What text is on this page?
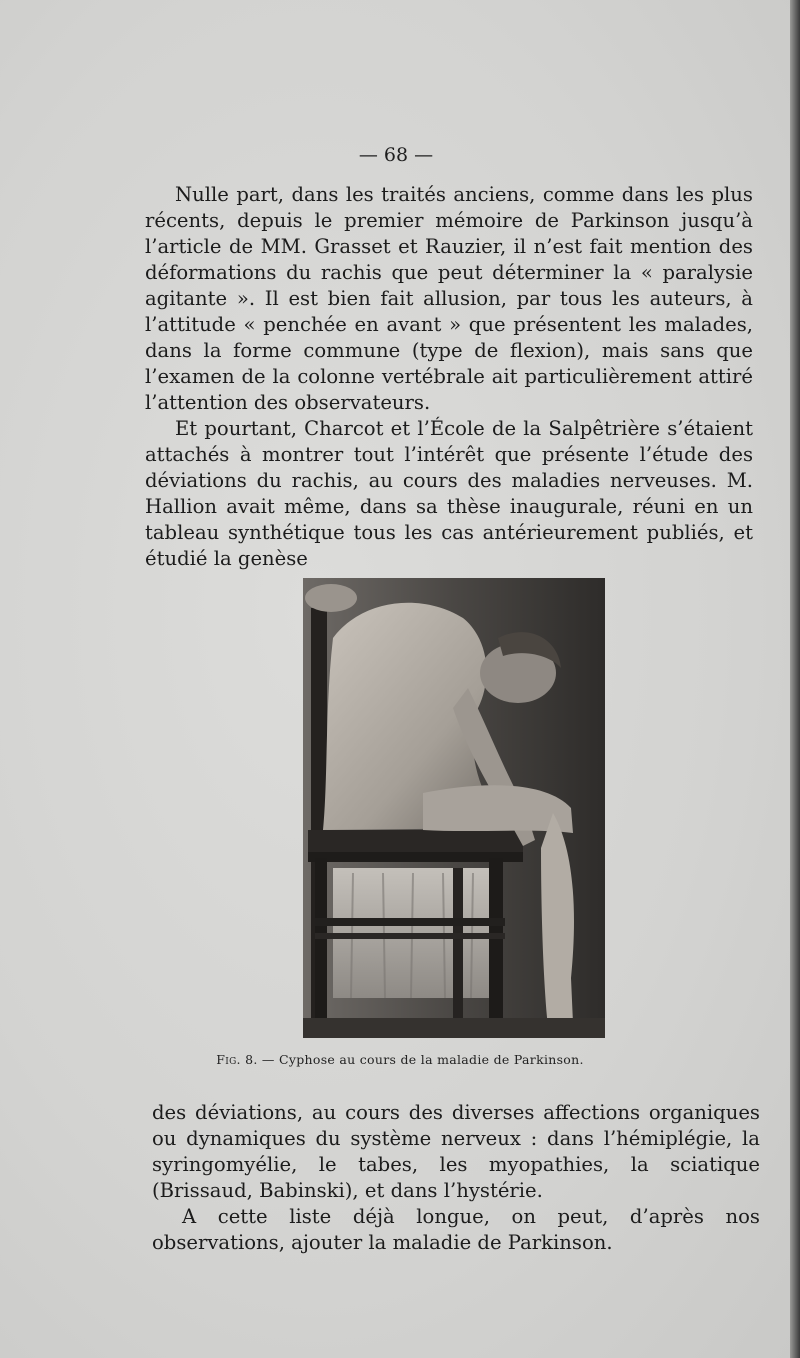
— 68 —

Nulle part, dans les traités anciens, comme dans les plus récents, depuis le premier mémoire de Parkinson jusqu’à l’article de MM. Grasset et Rauzier, il n’est fait mention des déformations du rachis que peut déterminer la « paralysie agitante ». Il est bien fait allusion, par tous les auteurs, à l’attitude « penchée en avant » que présentent les malades, dans la forme commune (type de flexion), mais sans que l’examen de la colonne vertébrale ait particulièrement attiré l’attention des observateurs.

Et pourtant, Charcot et l’École de la Salpêtrière s’étaient attachés à montrer tout l’intérêt que présente l’étude des déviations du rachis, au cours des maladies nerveuses. M. Hallion avait même, dans sa thèse inaugurale, réuni en un tableau synthétique tous les cas antérieurement publiés, et étudié la genèse

Fig. 8. — Cyphose au cours de la maladie de Parkinson.

des déviations, au cours des diverses affections organiques ou dynamiques du système nerveux : dans l’hémiplégie, la syringomyélie, le tabes, les myopathies, la sciatique (Brissaud, Babinski), et dans l’hystérie.

A cette liste déjà longue, on peut, d’après nos observations, ajouter la maladie de Parkinson.
